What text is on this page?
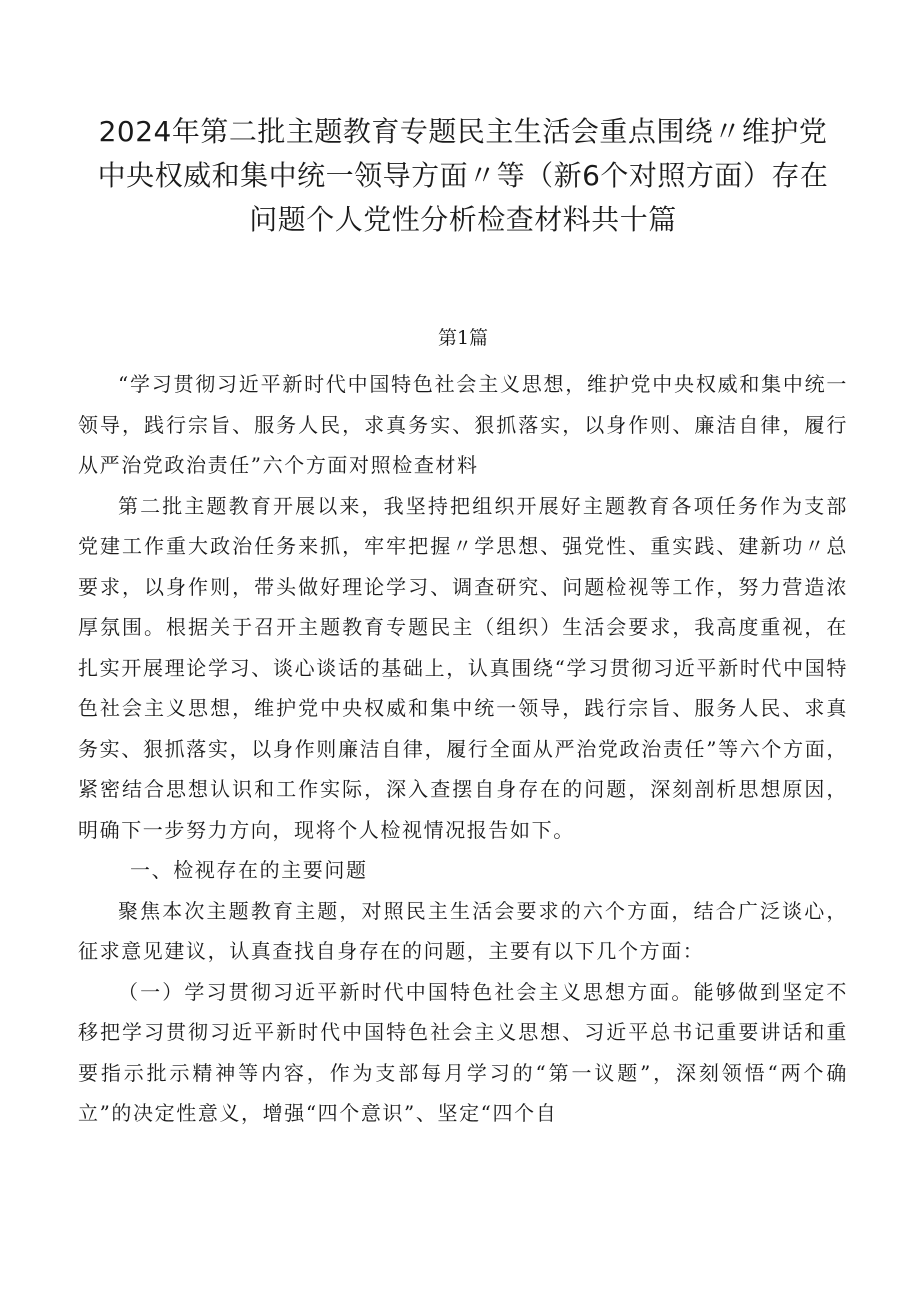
2024年第二批主题教育专题民主生活会重点围绕〃维护党中央权威和集中统一领导方面〃等（新6个对照方面）存在问题个人党性分析检查材料共十篇
第1篇

“学习贯彻习近平新时代中国特色社会主义思想，维护党中央权威和集中统一领导，践行宗旨、服务人民，求真务实、狠抓落实，以身作则、廉洁自律，履行从严治党政治责任”六个方面对照检查材料

第二批主题教育开展以来，我坚持把组织开展好主题教育各项任务作为支部党建工作重大政治任务来抓，牢牢把握〃学思想、强党性、重实践、建新功〃总要求，以身作则，带头做好理论学习、调查研究、问题检视等工作，努力营造浓厚氛围。根据关于召开主题教育专题民主（组织）生活会要求，我高度重视，在扎实开展理论学习、谈心谈话的基础上，认真围绕“学习贯彻习近平新时代中国特色社会主义思想，维护党中央权威和集中统一领导，践行宗旨、服务人民、求真务实、狠抓落实，以身作则廉洁自律，履行全面从严治党政治责任”等六个方面，紧密结合思想认识和工作实际，深入查摆自身存在的问题，深刻剖析思想原因，明确下一步努力方向，现将个人检视情况报告如下。

一、检视存在的主要问题

聚焦本次主题教育主题，对照民主生活会要求的六个方面，结合广泛谈心，征求意见建议，认真查找自身存在的问题，主要有以下几个方面：

（一）学习贯彻习近平新时代中国特色社会主义思想方面。能够做到坚定不移把学习贯彻习近平新时代中国特色社会主义思想、习近平总书记重要讲话和重要指示批示精神等内容，作为支部每月学习的“第一议题”，深刻领悟“两个确立”的决定性意义，增强“四个意识”、坚定“四个自
